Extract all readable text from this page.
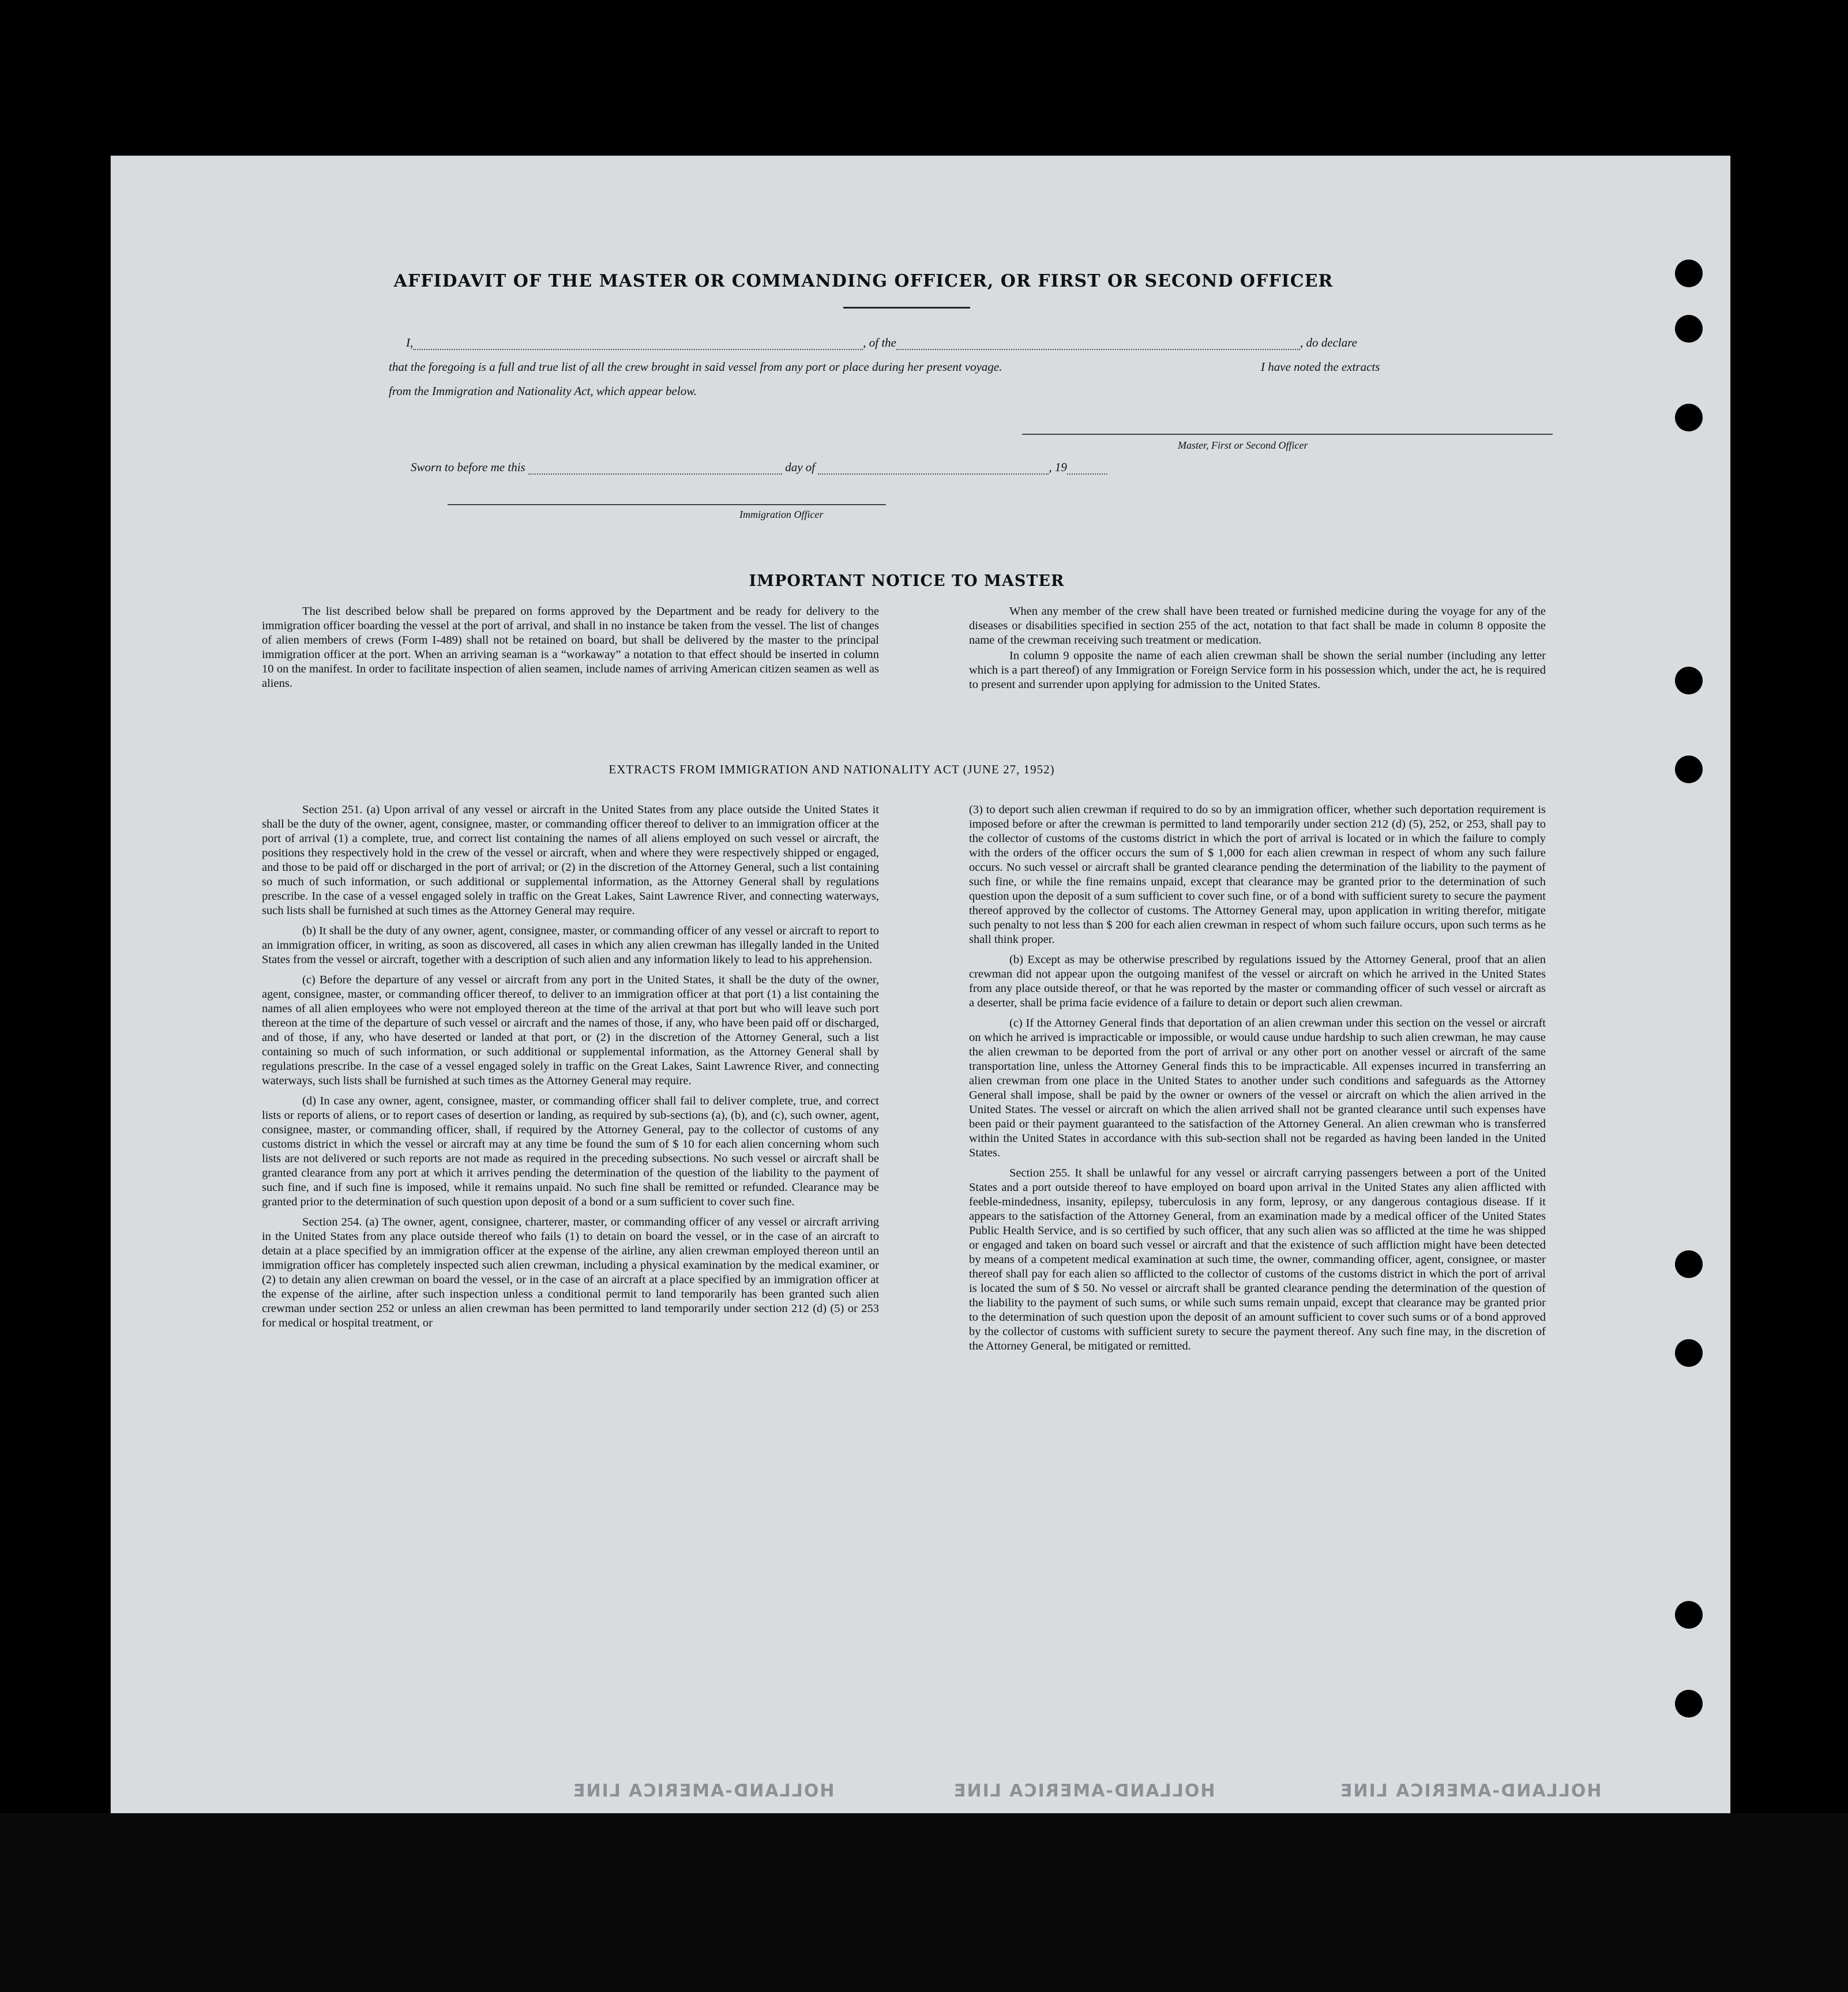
AFFIDAVIT OF THE MASTER OR COMMANDING OFFICER, OR FIRST OR SECOND OFFICER
I,	, of the	, do declare
that the foregoing is a full and true list of all the crew brought in said vessel from any port or place during her present voyage.	I have noted the extracts
from the Immigration and Nationality Act, which appear below.
Master, First or Second Officer
Sworn to before me this	day of	, 19
Immigration Officer
IMPORTANT NOTICE TO MASTER

The list described below shall be prepared on forms approved by the Department and be ready for delivery to the immigration officer boarding the vessel at the port of arrival, and shall in no instance be taken from the vessel. The list of changes of alien members of crews (Form I-489) shall not be retained on board, but shall be delivered by the master to the principal immigration officer at the port. When an arriving seaman is a “workaway” a notation to that effect should be inserted in column 10 on the manifest. In order to facilitate inspection of alien seamen, include names of arriving American citizen seamen as well as aliens.

When any member of the crew shall have been treated or furnished medicine during the voyage for any of the diseases or disabilities specified in section 255 of the act, notation to that fact shall be made in column 8 opposite the name of the crewman receiving such treatment or medication.

In column 9 opposite the name of each alien crewman shall be shown the serial number (including any letter which is a part thereof) of any Immigration or Foreign Service form in his possession which, under the act, he is required to present and surrender upon applying for admission to the United States.

EXTRACTS FROM IMMIGRATION AND NATIONALITY ACT (JUNE 27, 1952)

Section 251. (a) Upon arrival of any vessel or aircraft in the United States from any place outside the United States it shall be the duty of the owner, agent, consignee, master, or commanding officer thereof to deliver to an immigration officer at the port of arrival (1) a complete, true, and correct list containing the names of all aliens employed on such vessel or aircraft, the positions they respectively hold in the crew of the vessel or aircraft, when and where they were respectively shipped or engaged, and those to be paid off or discharged in the port of arrival; or (2) in the discretion of the Attorney General, such a list containing so much of such information, or such additional or supplemental information, as the Attorney General shall by regulations prescribe. In the case of a vessel engaged solely in traffic on the Great Lakes, Saint Lawrence River, and connecting waterways, such lists shall be furnished at such times as the Attorney General may require.

(b) It shall be the duty of any owner, agent, consignee, master, or commanding officer of any vessel or aircraft to report to an immigration officer, in writing, as soon as discovered, all cases in which any alien crewman has illegally landed in the United States from the vessel or aircraft, together with a description of such alien and any information likely to lead to his apprehension.

(c) Before the departure of any vessel or aircraft from any port in the United States, it shall be the duty of the owner, agent, consignee, master, or commanding officer thereof, to deliver to an immigration officer at that port (1) a list containing the names of all alien employees who were not employed thereon at the time of the arrival at that port but who will leave such port thereon at the time of the departure of such vessel or aircraft and the names of those, if any, who have been paid off or discharged, and of those, if any, who have deserted or landed at that port, or (2) in the discretion of the Attorney General, such a list containing so much of such information, or such additional or supplemental information, as the Attorney General shall by regulations prescribe. In the case of a vessel engaged solely in traffic on the Great Lakes, Saint Lawrence River, and connecting waterways, such lists shall be furnished at such times as the Attorney General may require.

(d) In case any owner, agent, consignee, master, or commanding officer shall fail to deliver complete, true, and correct lists or reports of aliens, or to report cases of desertion or landing, as required by sub-sections (a), (b), and (c), such owner, agent, consignee, master, or commanding officer, shall, if required by the Attorney General, pay to the collector of customs of any customs district in which the vessel or aircraft may at any time be found the sum of $ 10 for each alien concerning whom such lists are not delivered or such reports are not made as required in the preceding subsections. No such vessel or aircraft shall be granted clearance from any port at which it arrives pending the determination of the question of the liability to the payment of such fine, and if such fine is imposed, while it remains unpaid. No such fine shall be remitted or refunded. Clearance may be granted prior to the determination of such question upon deposit of a bond or a sum sufficient to cover such fine.

Section 254. (a) The owner, agent, consignee, charterer, master, or commanding officer of any vessel or aircraft arriving in the United States from any place outside thereof who fails (1) to detain on board the vessel, or in the case of an aircraft to detain at a place specified by an immigration officer at the expense of the airline, any alien crewman employed thereon until an immigration officer has completely inspected such alien crewman, including a physical examination by the medical examiner, or (2) to detain any alien crewman on board the vessel, or in the case of an aircraft at a place specified by an immigration officer at the expense of the airline, after such inspection unless a conditional permit to land temporarily has been granted such alien crewman under section 252 or unless an alien crewman has been permitted to land temporarily under section 212 (d) (5) or 253 for medical or hospital treatment, or

(3) to deport such alien crewman if required to do so by an immigration officer, whether such deportation requirement is imposed before or after the crewman is permitted to land temporarily under section 212 (d) (5), 252, or 253, shall pay to the collector of customs of the customs district in which the port of arrival is located or in which the failure to comply with the orders of the officer occurs the sum of $ 1,000 for each alien crewman in respect of whom any such failure occurs. No such vessel or aircraft shall be granted clearance pending the determination of the liability to the payment of such fine, or while the fine remains unpaid, except that clearance may be granted prior to the determination of such question upon the deposit of a sum sufficient to cover such fine, or of a bond with sufficient surety to secure the payment thereof approved by the collector of customs. The Attorney General may, upon application in writing therefor, mitigate such penalty to not less than $ 200 for each alien crewman in respect of whom such failure occurs, upon such terms as he shall think proper.

(b) Except as may be otherwise prescribed by regulations issued by the Attorney General, proof that an alien crewman did not appear upon the outgoing manifest of the vessel or aircraft on which he arrived in the United States from any place outside thereof, or that he was reported by the master or commanding officer of such vessel or aircraft as a deserter, shall be prima facie evidence of a failure to detain or deport such alien crewman.

(c) If the Attorney General finds that deportation of an alien crewman under this section on the vessel or aircraft on which he arrived is impracticable or impossible, or would cause undue hardship to such alien crewman, he may cause the alien crewman to be deported from the port of arrival or any other port on another vessel or aircraft of the same transportation line, unless the Attorney General finds this to be impracticable. All expenses incurred in transferring an alien crewman from one place in the United States to another under such conditions and safeguards as the Attorney General shall impose, shall be paid by the owner or owners of the vessel or aircraft on which the alien arrived in the United States. The vessel or aircraft on which the alien arrived shall not be granted clearance until such expenses have been paid or their payment guaranteed to the satisfaction of the Attorney General. An alien crewman who is transferred within the United States in accordance with this sub-section shall not be regarded as having been landed in the United States.

Section 255. It shall be unlawful for any vessel or aircraft carrying passengers between a port of the United States and a port outside thereof to have employed on board upon arrival in the United States any alien afflicted with feeble-mindedness, insanity, epilepsy, tuberculosis in any form, leprosy, or any dangerous contagious disease. If it appears to the satisfaction of the Attorney General, from an examination made by a medical officer of the United States Public Health Service, and is so certified by such officer, that any such alien was so afflicted at the time he was shipped or engaged and taken on board such vessel or aircraft and that the existence of such affliction might have been detected by means of a competent medical examination at such time, the owner, commanding officer, agent, consignee, or master thereof shall pay for each alien so afflicted to the collector of customs of the customs district in which the port of arrival is located the sum of $ 50. No vessel or aircraft shall be granted clearance pending the determination of the question of the liability to the payment of such sums, or while such sums remain unpaid, except that clearance may be granted prior to the determination of such question upon the deposit of an amount sufficient to cover such sums or of a bond approved by the collector of customs with sufficient surety to secure the payment thereof. Any such fine may, in the discretion of the Attorney General, be mitigated or remitted.

HOLLAND-AMERICA LINE	HOLLAND-AMERICA LINE	HOLLAND-AMERICA LINE
